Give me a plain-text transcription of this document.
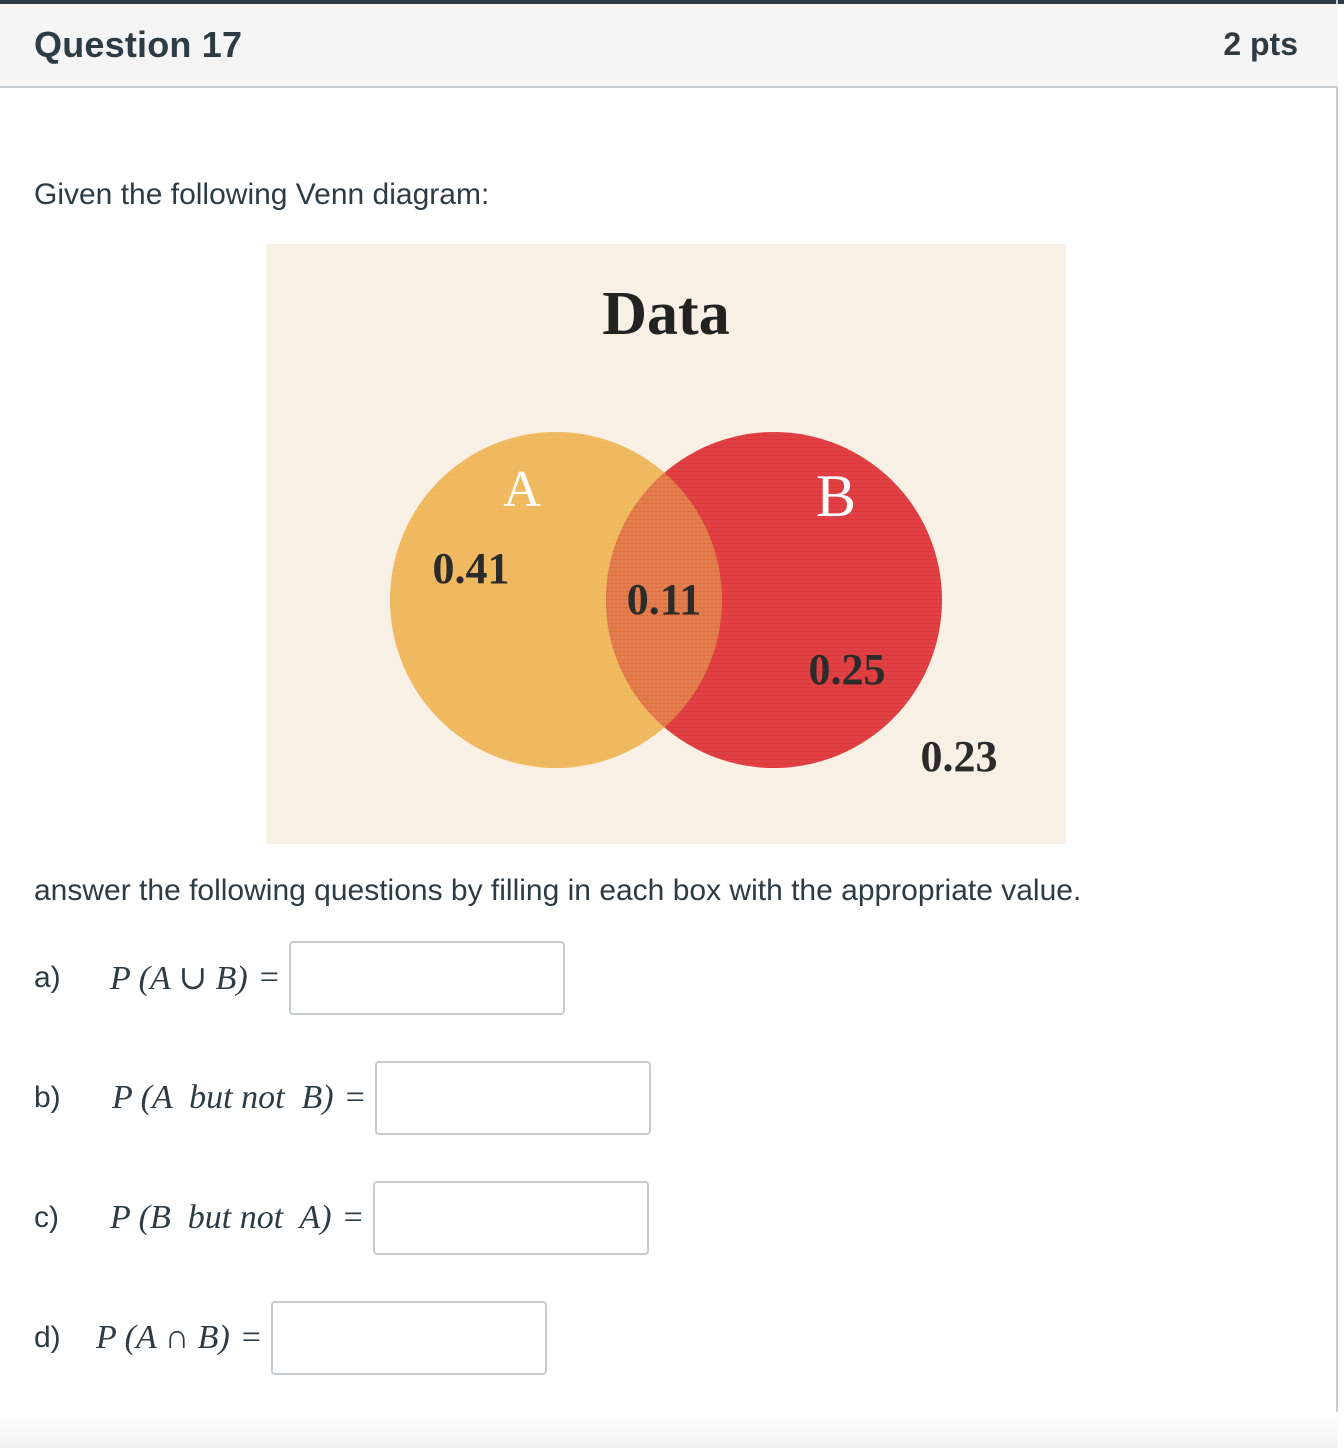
Question 17	2 pts
Given the following Venn diagram:
Data
A	B
0.41
0.11
0.25
0.23
answer the following questions by filling in each box with the appropriate value.
a)	P (A ∪ B) =
b)	P (A  but not  B) =
c)	P (B  but not  A) =
d)	P (A ∩ B) =
